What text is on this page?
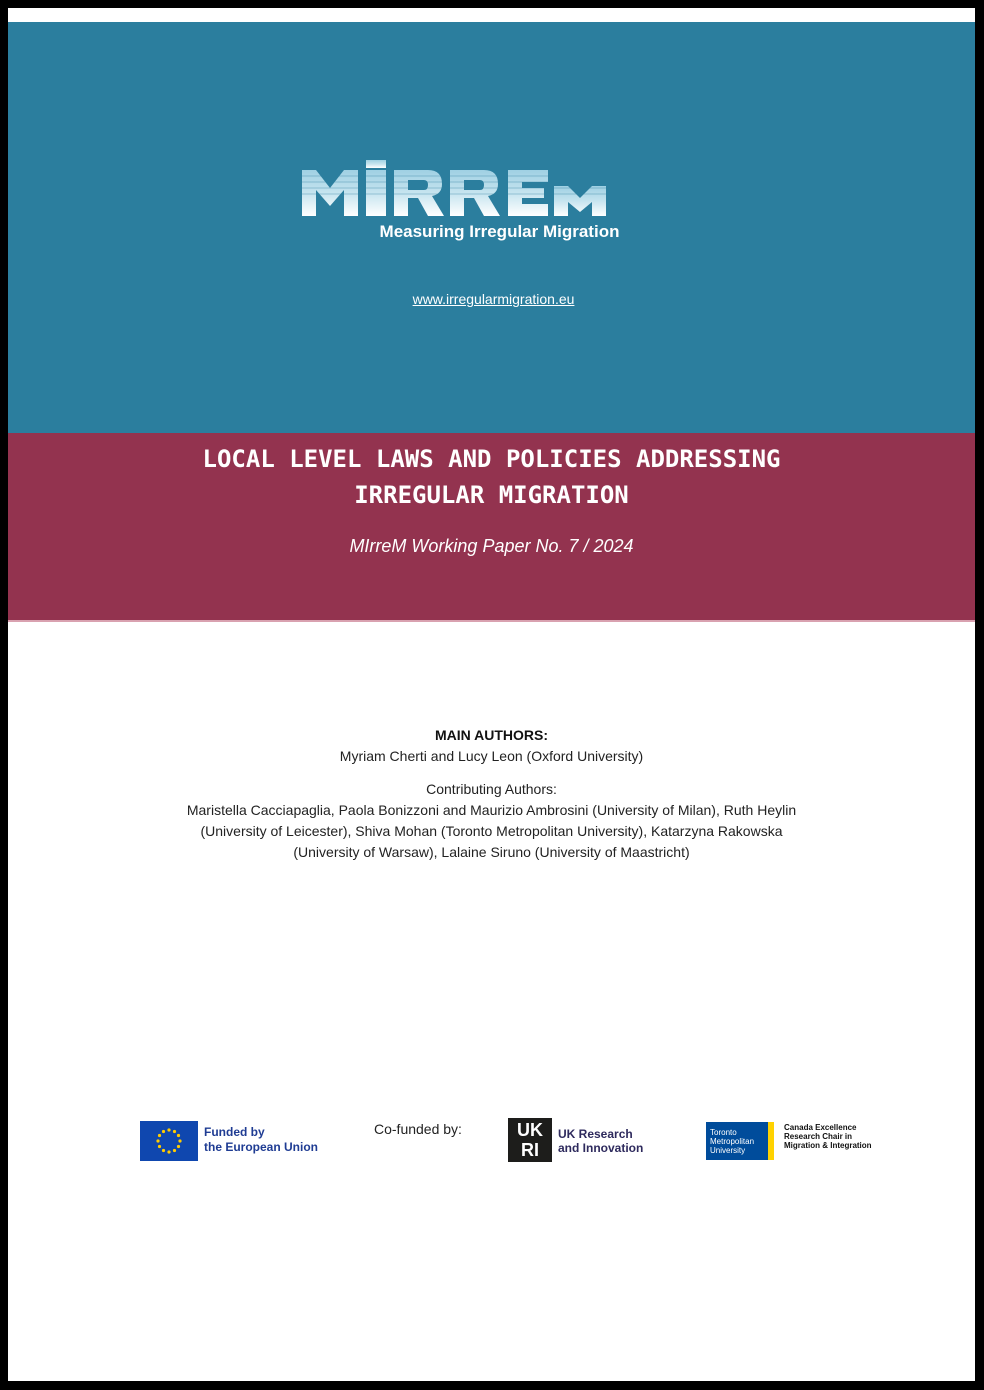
Measuring Irregular Migration
www.irregularmigration.eu
LOCAL LEVEL LAWS AND POLICIES ADDRESSING
IRREGULAR MIGRATION
MIrreM Working Paper No. 7 / 2024
MAIN AUTHORS:
Myriam Cherti and Lucy Leon (Oxford University)
Contributing Authors:
Maristella Cacciapaglia, Paola Bonizzoni and Maurizio Ambrosini (University of Milan), Ruth Heylin
(University of Leicester), Shiva Mohan (Toronto Metropolitan University), Katarzyna Rakowska
(University of Warsaw), Lalaine Siruno (University of Maastricht)
Funded by
the European Union
Co-funded by:	UK
RI
UK Research
and Innovation
Toronto
Metropolitan
University
Canada Excellence
Research Chair in
Migration & Integration
